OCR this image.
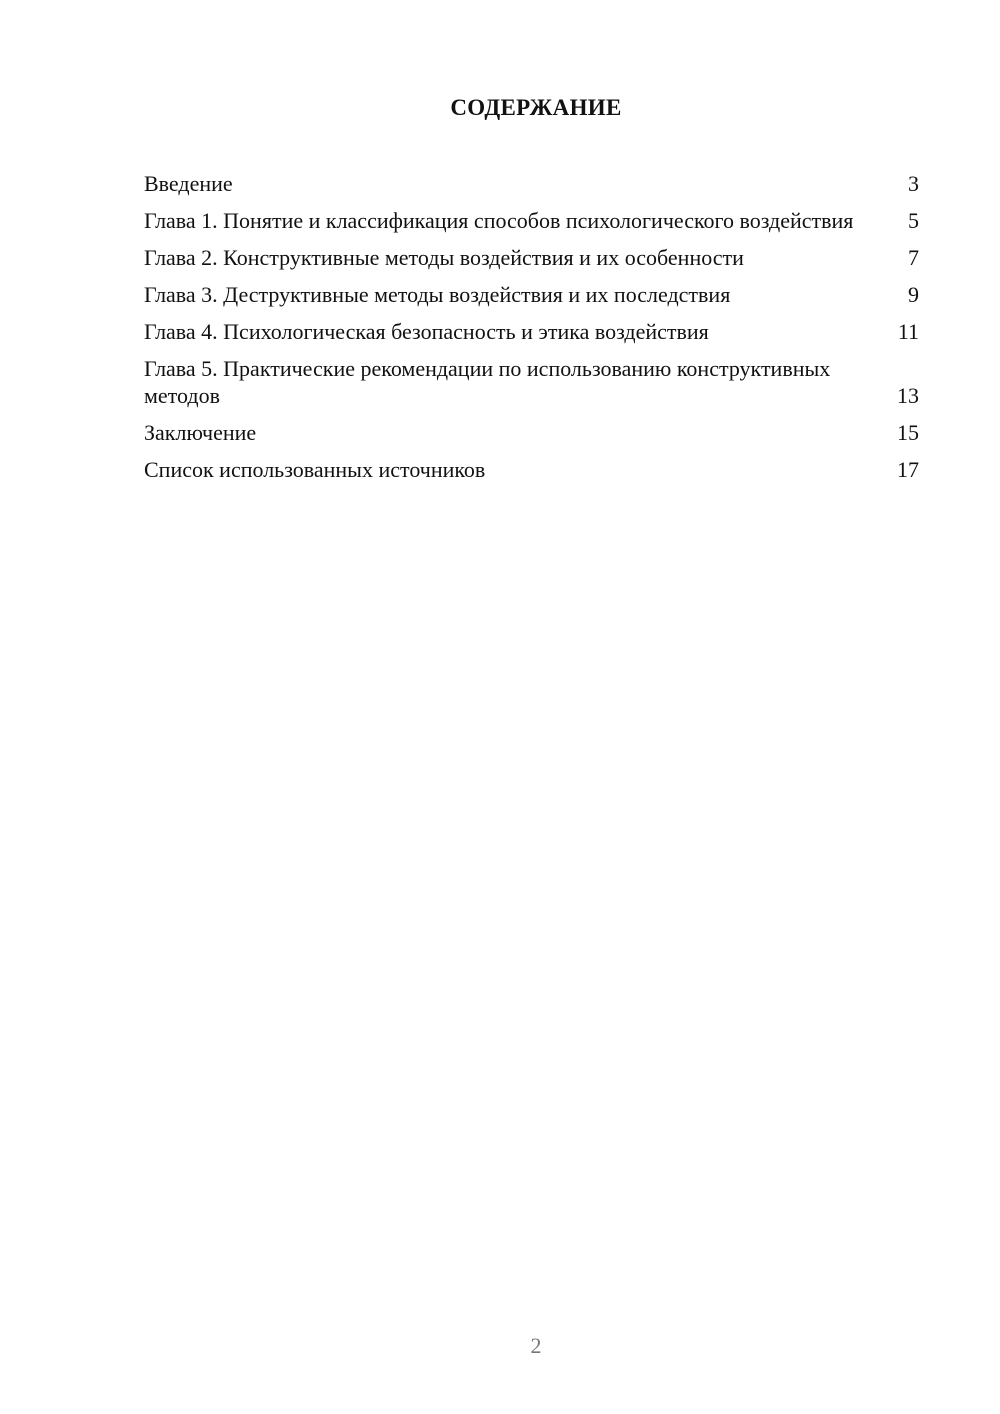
СОДЕРЖАНИЕ
Введение	3
Глава 1. Понятие и классификация способов психологического воздействия	5
Глава 2. Конструктивные методы воздействия и их особенности	7
Глава 3. Деструктивные методы воздействия и их последствия	9
Глава 4. Психологическая безопасность и этика воздействия	11
Глава 5. Практические рекомендации по использованию конструктивных методов	13
Заключение	15
Список использованных источников	17
2
